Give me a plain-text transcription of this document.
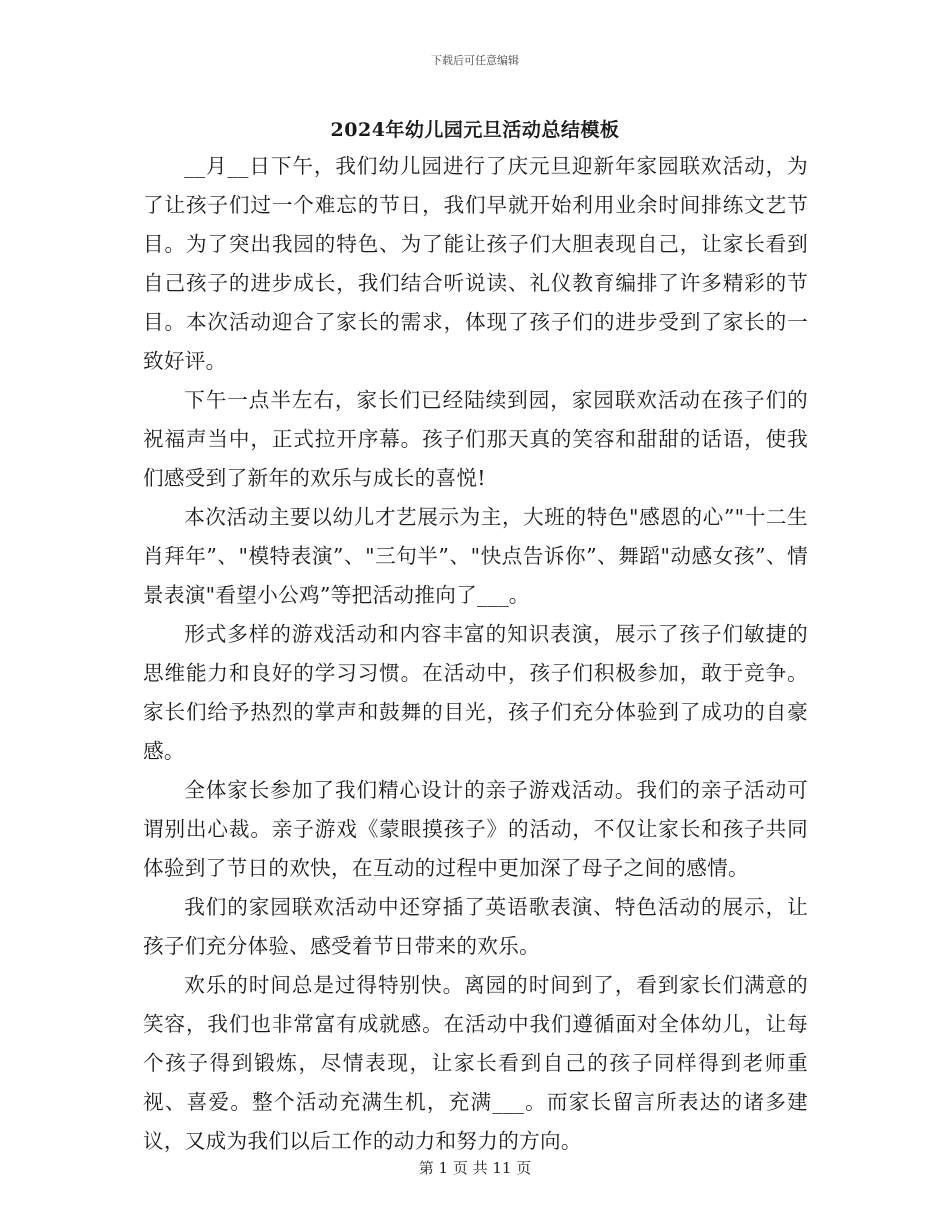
下载后可任意编辑
2024年幼儿园元旦活动总结模板

__月__日下午，我们幼儿园进行了庆元旦迎新年家园联欢活动，为了让孩子们过一个难忘的节日，我们早就开始利用业余时间排练文艺节目。为了突出我园的特色、为了能让孩子们大胆表现自己，让家长看到自己孩子的进步成长，我们结合听说读、礼仪教育编排了许多精彩的节目。本次活动迎合了家长的需求，体现了孩子们的进步受到了家长的一致好评。

下午一点半左右，家长们已经陆续到园，家园联欢活动在孩子们的祝福声当中，正式拉开序幕。孩子们那天真的笑容和甜甜的话语，使我们感受到了新年的欢乐与成长的喜悦!

本次活动主要以幼儿才艺展示为主，大班的特色"感恩的心”"十二生肖拜年”、"模特表演”、"三句半”、"快点告诉你”、舞蹈"动感女孩”、情景表演"看望小公鸡”等把活动推向了___。

形式多样的游戏活动和内容丰富的知识表演，展示了孩子们敏捷的思维能力和良好的学习习惯。在活动中，孩子们积极参加，敢于竞争。家长们给予热烈的掌声和鼓舞的目光，孩子们充分体验到了成功的自豪感。

全体家长参加了我们精心设计的亲子游戏活动。我们的亲子活动可谓别出心裁。亲子游戏《蒙眼摸孩子》的活动，不仅让家长和孩子共同体验到了节日的欢快，在互动的过程中更加深了母子之间的感情。

我们的家园联欢活动中还穿插了英语歌表演、特色活动的展示，让孩子们充分体验、感受着节日带来的欢乐。

欢乐的时间总是过得特别快。离园的时间到了，看到家长们满意的笑容，我们也非常富有成就感。在活动中我们遵循面对全体幼儿，让每个孩子得到锻炼，尽情表现，让家长看到自己的孩子同样得到老师重视、喜爱。整个活动充满生机，充满___。而家长留言所表达的诸多建议，又成为我们以后工作的动力和努力的方向。

第 1 页 共 11 页
